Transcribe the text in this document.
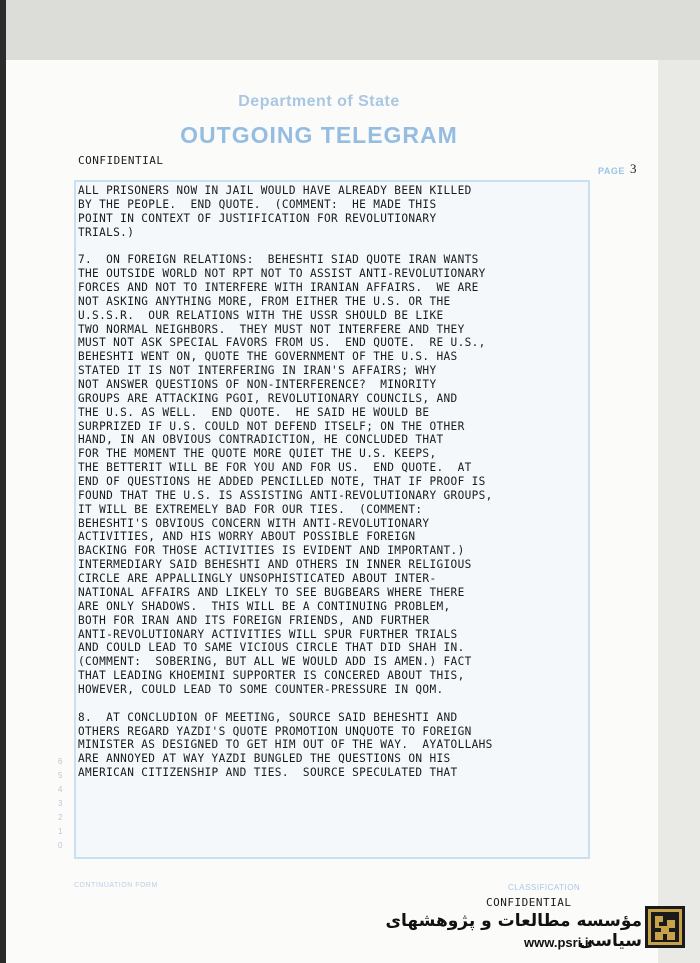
Department of State
OUTGOING TELEGRAM
CONFIDENTIAL
PAGE 3
ALL PRISONERS NOW IN JAIL WOULD HAVE ALREADY BEEN KILLED
BY THE PEOPLE.  END QUOTE.  (COMMENT:  HE MADE THIS
POINT IN CONTEXT OF JUSTIFICATION FOR REVOLUTIONARY
TRIALS.)

7.  ON FOREIGN RELATIONS:  BEHESHTI SIAD QUOTE IRAN WANTS
THE OUTSIDE WORLD NOT RPT NOT TO ASSIST ANTI-REVOLUTIONARY
FORCES AND NOT TO INTERFERE WITH IRANIAN AFFAIRS.  WE ARE
NOT ASKING ANYTHING MORE, FROM EITHER THE U.S. OR THE
U.S.S.R.  OUR RELATIONS WITH THE USSR SHOULD BE LIKE
TWO NORMAL NEIGHBORS.  THEY MUST NOT INTERFERE AND THEY
MUST NOT ASK SPECIAL FAVORS FROM US.  END QUOTE.  RE U.S.,
BEHESHTI WENT ON, QUOTE THE GOVERNMENT OF THE U.S. HAS
STATED IT IS NOT INTERFERING IN IRAN'S AFFAIRS; WHY
NOT ANSWER QUESTIONS OF NON-INTERFERENCE?  MINORITY
GROUPS ARE ATTACKING PGOI, REVOLUTIONARY COUNCILS, AND
THE U.S. AS WELL.  END QUOTE.  HE SAID HE WOULD BE
SURPRIZED IF U.S. COULD NOT DEFEND ITSELF; ON THE OTHER
HAND, IN AN OBVIOUS CONTRADICTION, HE CONCLUDED THAT
FOR THE MOMENT THE QUOTE MORE QUIET THE U.S. KEEPS,
THE BETTERIT WILL BE FOR YOU AND FOR US.  END QUOTE.  AT
END OF QUESTIONS HE ADDED PENCILLED NOTE, THAT IF PROOF IS
FOUND THAT THE U.S. IS ASSISTING ANTI-REVOLUTIONARY GROUPS,
IT WILL BE EXTREMELY BAD FOR OUR TIES.  (COMMENT:
BEHESHTI'S OBVIOUS CONCERN WITH ANTI-REVOLUTIONARY
ACTIVITIES, AND HIS WORRY ABOUT POSSIBLE FOREIGN
BACKING FOR THOSE ACTIVITIES IS EVIDENT AND IMPORTANT.)
INTERMEDIARY SAID BEHESHTI AND OTHERS IN INNER RELIGIOUS
CIRCLE ARE APPALLINGLY UNSOPHISTICATED ABOUT INTER-
NATIONAL AFFAIRS AND LIKELY TO SEE BUGBEARS WHERE THERE
ARE ONLY SHADOWS.  THIS WILL BE A CONTINUING PROBLEM,
BOTH FOR IRAN AND ITS FOREIGN FRIENDS, AND FURTHER
ANTI-REVOLUTIONARY ACTIVITIES WILL SPUR FURTHER TRIALS
AND COULD LEAD TO SAME VICIOUS CIRCLE THAT DID SHAH IN.
(COMMENT:  SOBERING, BUT ALL WE WOULD ADD IS AMEN.) FACT
THAT LEADING KHOEMINI SUPPORTER IS CONCERED ABOUT THIS,
HOWEVER, COULD LEAD TO SOME COUNTER-PRESSURE IN QOM.

8.  AT CONCLUDION OF MEETING, SOURCE SAID BEHESHTI AND
OTHERS REGARD YAZDI'S QUOTE PROMOTION UNQUOTE TO FOREIGN
MINISTER AS DESIGNED TO GET HIM OUT OF THE WAY.  AYATOLLAHS
ARE ANNOYED AT WAY YAZDI BUNGLED THE QUESTIONS ON HIS
AMERICAN CITIZENSHIP AND TIES.  SOURCE SPECULATED THAT
6
5
4
3
2
1
0
CONTINUATION FORM	CLASSIFICATION
CONFIDENTIAL
مؤسسه مطالعات و پژوهشهای سیاسی
www.psri.ir
